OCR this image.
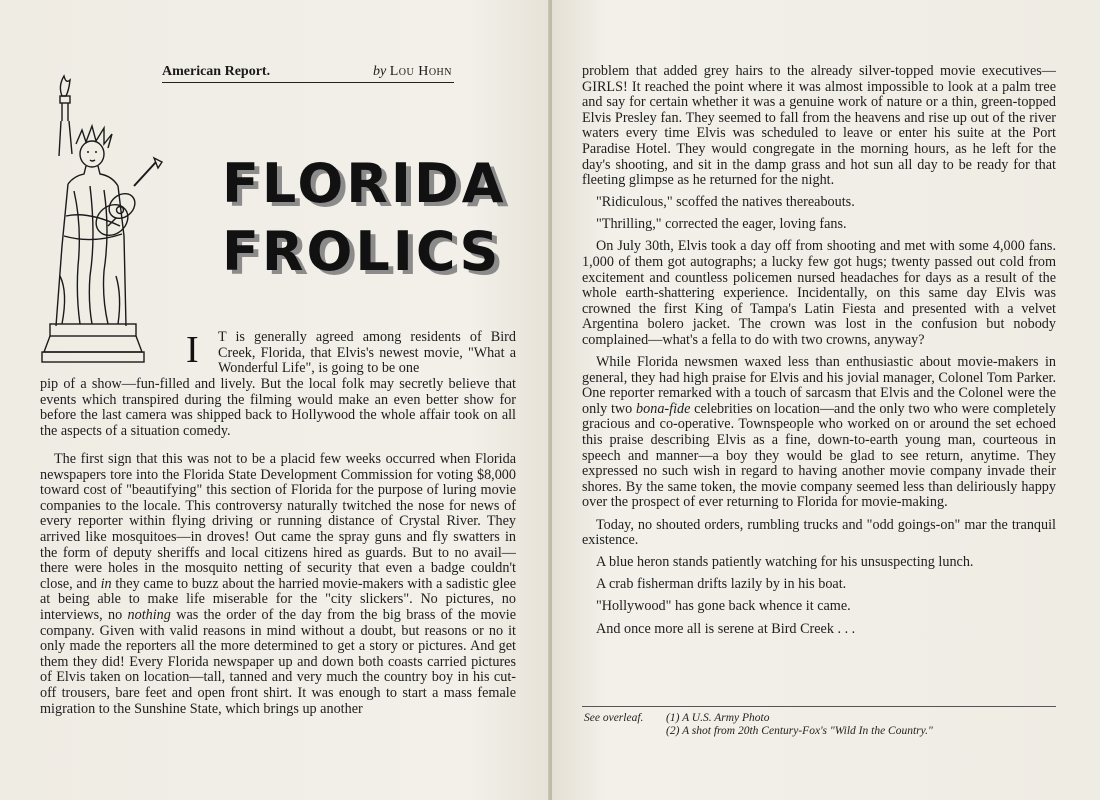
American Report.	by Lou Hohn
FLORIDA
FROLICS
I T is generally agreed among residents of Bird Creek, Florida, that Elvis's newest movie, "What a Wonderful Life", is going to be one
pip of a show—fun-filled and lively. But the local folk may secretly believe that events which transpired during the filming would make an even better show for before the last camera was shipped back to Hollywood the whole affair took on all the aspects of a situation comedy.
The first sign that this was not to be a placid few weeks occurred when Florida newspapers tore into the Florida State Development Commission for voting $8,000 toward cost of "beautifying" this section of Florida for the purpose of luring movie companies to the locale. This controversy naturally twitched the nose for news of every reporter within flying driving or running distance of Crystal River. They arrived like mosquitoes—in droves! Out came the spray guns and fly swatters in the form of deputy sheriffs and local citizens hired as guards. But to no avail—there were holes in the mosquito netting of security that even a badge couldn't close, and in they came to buzz about the harried movie-makers with a sadistic glee at being able to make life miserable for the "city slickers". No pictures, no interviews, no nothing was the order of the day from the big brass of the movie company. Given with valid reasons in mind without a doubt, but reasons or no it only made the reporters all the more determined to get a story or pictures. And get them they did! Every Florida newspaper up and down both coasts carried pictures of Elvis taken on location—tall, tanned and very much the country boy in his cut-off trousers, bare feet and open front shirt. It was enough to start a mass female migration to the Sunshine State, which brings up another

problem that added grey hairs to the already silver-topped movie executives—GIRLS! It reached the point where it was almost impossible to look at a palm tree and say for certain whether it was a genuine work of nature or a thin, green-topped Elvis Presley fan. They seemed to fall from the heavens and rise up out of the river waters every time Elvis was scheduled to leave or enter his suite at the Port Paradise Hotel. They would congregate in the morning hours, as he left for the day's shooting, and sit in the damp grass and hot sun all day to be ready for that fleeting glimpse as he returned for the night.

"Ridiculous," scoffed the natives thereabouts.

"Thrilling," corrected the eager, loving fans.

On July 30th, Elvis took a day off from shooting and met with some 4,000 fans. 1,000 of them got autographs; a lucky few got hugs; twenty passed out cold from excitement and countless policemen nursed headaches for days as a result of the whole earth-shattering experience. Incidentally, on this same day Elvis was crowned the first King of Tampa's Latin Fiesta and presented with a velvet Argentina bolero jacket. The crown was lost in the confusion but nobody complained—what's a fella to do with two crowns, anyway?

While Florida newsmen waxed less than enthusiastic about movie-makers in general, they had high praise for Elvis and his jovial manager, Colonel Tom Parker. One reporter remarked with a touch of sarcasm that Elvis and the Colonel were the only two bona-fide celebrities on location—and the only two who were completely gracious and co-operative. Townspeople who worked on or around the set echoed this praise describing Elvis as a fine, down-to-earth young man, courteous in speech and manner—a boy they would be glad to see return, anytime. They expressed no such wish in regard to having another movie company invade their shores. By the same token, the movie company seemed less than deliriously happy over the prospect of ever returning to Florida for movie-making.

Today, no shouted orders, rumbling trucks and "odd goings-on" mar the tranquil existence.

A blue heron stands patiently watching for his unsuspecting lunch.

A crab fisherman drifts lazily by in his boat.

"Hollywood" has gone back whence it came.

And once more all is serene at Bird Creek . . .

See overleaf. (1) A U.S. Army Photo
(2) A shot from 20th Century-Fox's "Wild In the Country."
